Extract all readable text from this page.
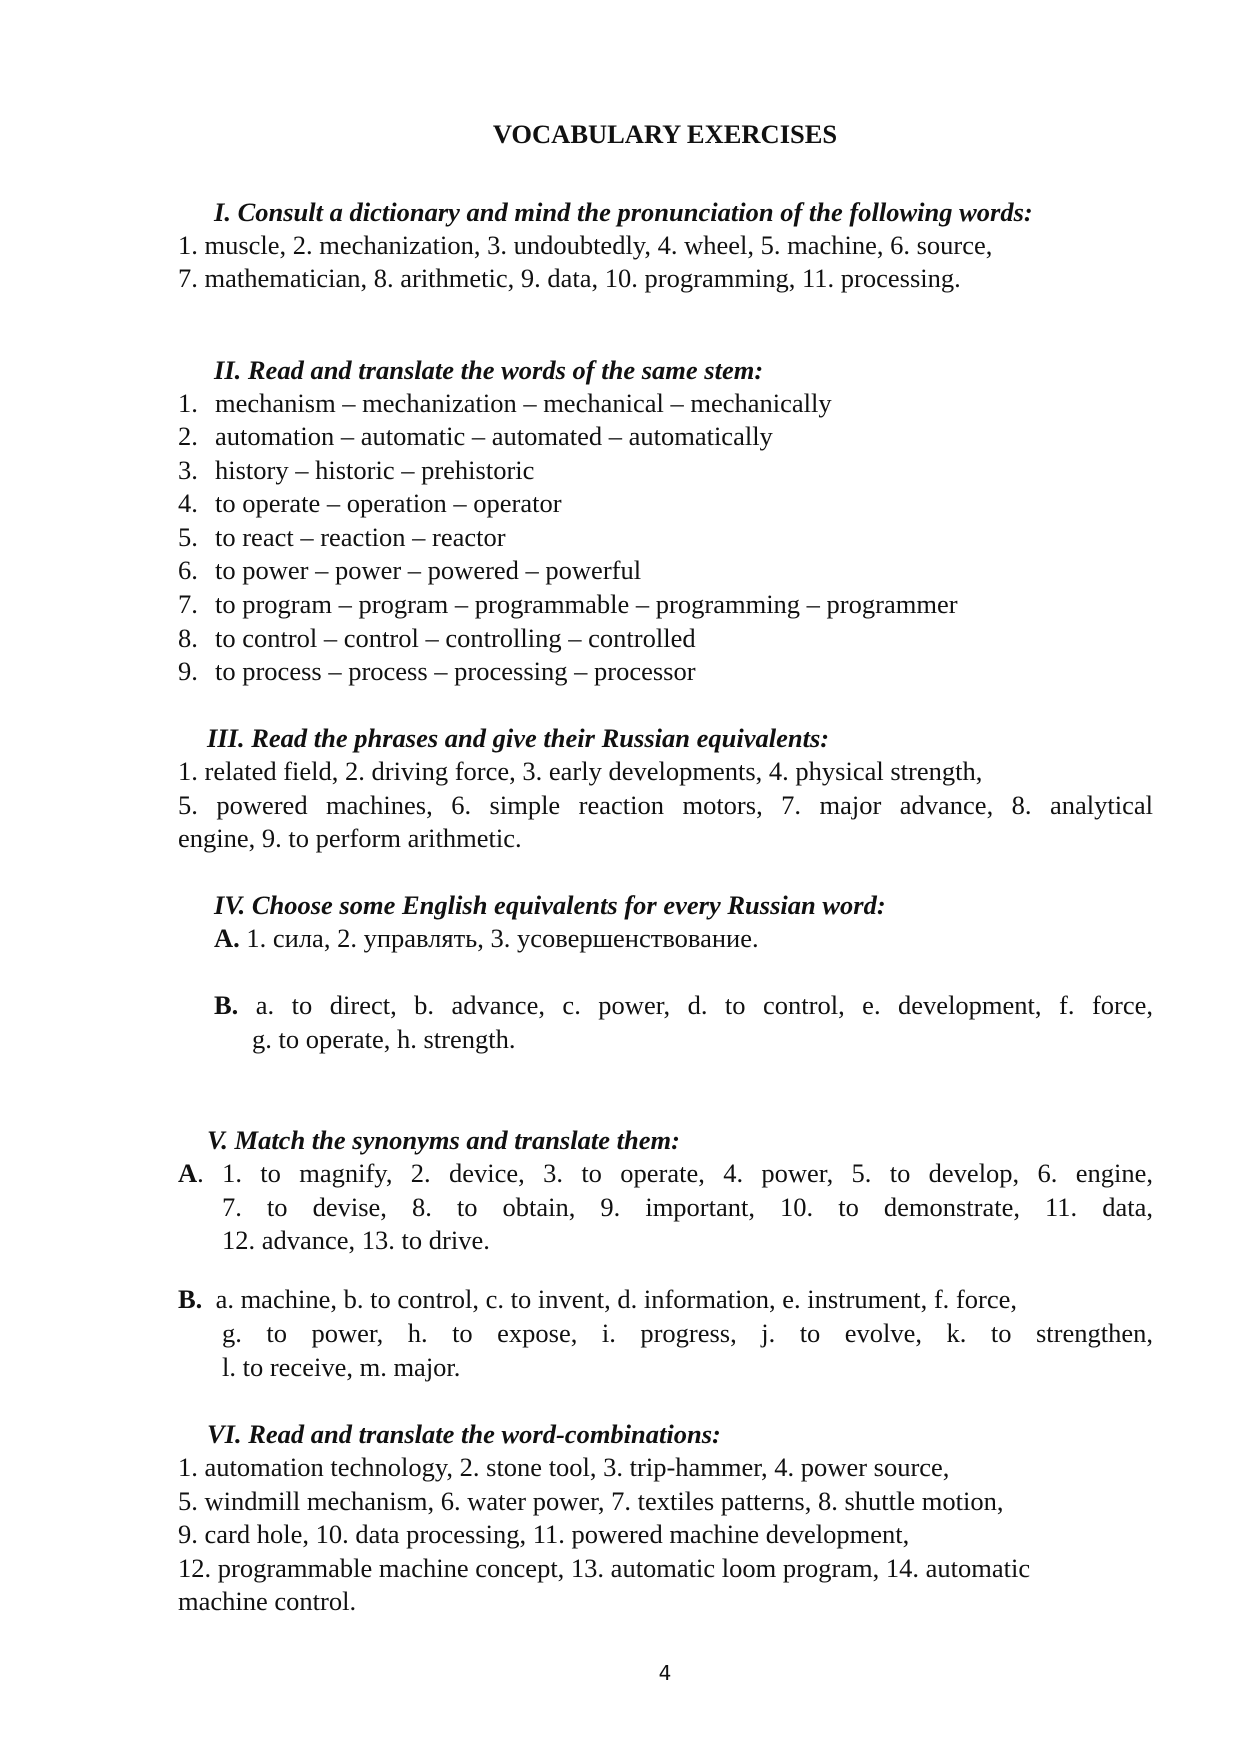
VOCABULARY EXERCISES
I. Consult a dictionary and mind the pronunciation of the following words:
1. muscle, 2. mechanization, 3. undoubtedly, 4. wheel, 5. machine, 6. source,
7. mathematician, 8. arithmetic, 9. data, 10. programming, 11. processing.
II. Read and translate the words of the same stem:
1. mechanism – mechanization – mechanical – mechanically
2. automation – automatic – automated – automatically
3. history – historic – prehistoric
4. to operate – operation – operator
5. to react – reaction – reactor
6. to power – power – powered – powerful
7. to program – program – programmable – programming – programmer
8. to control – control – controlling – controlled
9. to process – process – processing – processor
III. Read the phrases and give their Russian equivalents:
1. related field, 2. driving force, 3. early developments, 4. physical strength,
5. powered machines, 6. simple reaction motors, 7. major advance, 8. analytical
engine, 9. to perform arithmetic.
IV. Choose some English equivalents for every Russian word:
A. 1. сила, 2. управлять, 3. усовершенствование.
B. a. to direct, b. advance, c. power, d. to control, e. development, f. force,
g. to operate, h. strength.
V. Match the synonyms and translate them:
A. 1. to magnify, 2. device, 3. to operate, 4. power, 5. to develop, 6. engine,
7. to devise, 8. to obtain, 9. important, 10. to demonstrate, 11. data,
12. advance, 13. to drive.
B. a. machine, b. to control, c. to invent, d. information, e. instrument, f. force,
g. to power, h. to expose, i. progress, j. to evolve, k. to strengthen,
l. to receive, m. major.
VI. Read and translate the word-combinations:
1. automation technology, 2. stone tool, 3. trip-hammer, 4. power source,
5. windmill mechanism, 6. water power, 7. textiles patterns, 8. shuttle motion,
9. card hole, 10. data processing, 11. powered machine development,
12. programmable machine concept, 13. automatic loom program, 14. automatic
machine control.
4
